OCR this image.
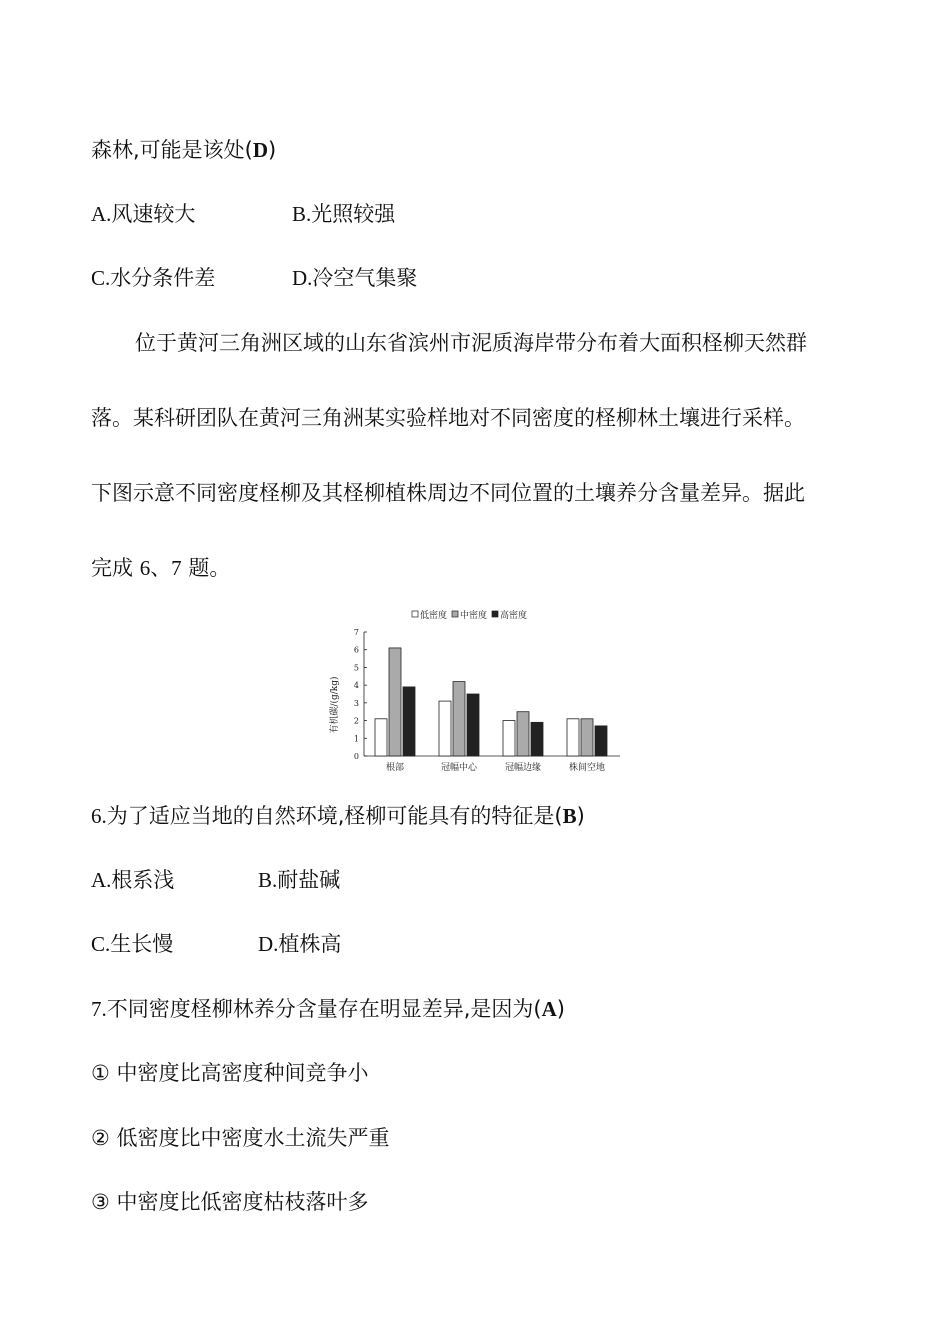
森林,可能是该处(D)
A.风速较大	B.光照较强
C.水分条件差	D.冷空气集聚
位于黄河三角洲区域的山东省滨州市泥质海岸带分布着大面积柽柳天然群
落。某科研团队在黄河三角洲某实验样地对不同密度的柽柳林土壤进行采样。
下图示意不同密度柽柳及其柽柳植株周边不同位置的土壤养分含量差异。据此
完成 6、7 题。
低密度 中密度 高密度
0
1
2
3
4
5
6
7
根部	冠幅中心	冠幅边缘	株间空地
有机碳/(g/kg)
6.为了适应当地的自然环境,柽柳可能具有的特征是(B)
A.根系浅	B.耐盐碱
C.生长慢	D.植株高
7.不同密度柽柳林养分含量存在明显差异,是因为(A)
① 中密度比高密度种间竞争小
② 低密度比中密度水土流失严重
③ 中密度比低密度枯枝落叶多
